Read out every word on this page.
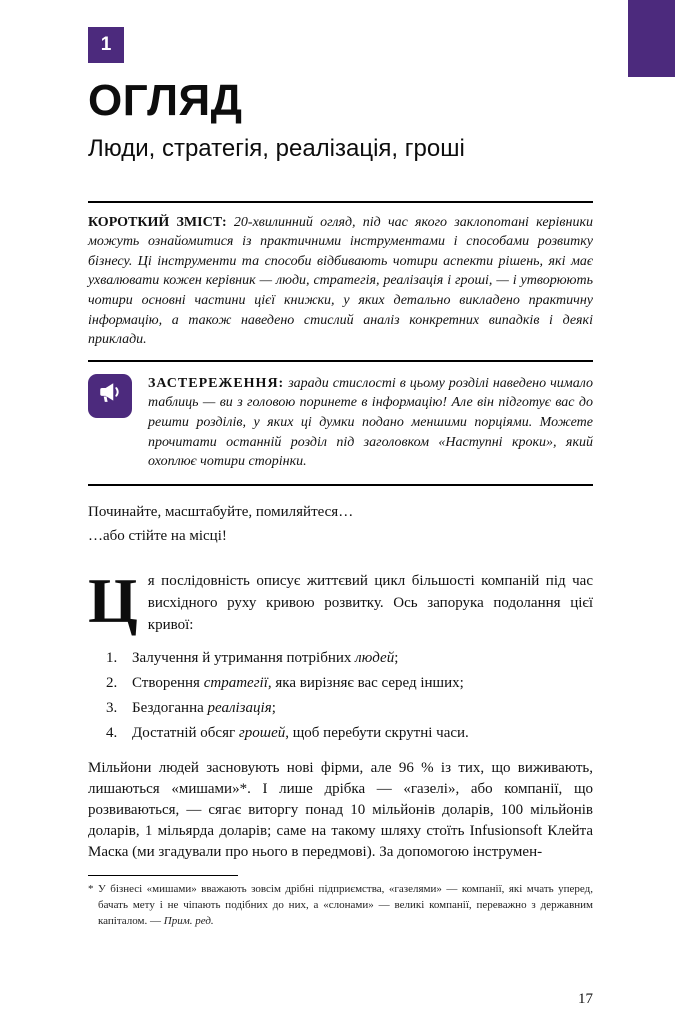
1
ОГЛЯД
Люди, стратегія, реалізація, гроші

КОРОТКИЙ ЗМІСТ: 20-хвилинний огляд, під час якого заклопотані керівники можуть ознайомитися із практичними інструментами і способами розвитку бізнесу. Ці інструменти та способи відбивають чотири аспекти рішень, які має ухвалювати кожен керівник — люди, стратегія, реалізація і гроші, — і утворюють чотири основні частини цієї книжки, у яких детально викладено практичну інформацію, а також наведено стислий аналіз конкретних випадків і деякі приклади.

ЗАСТЕРЕЖЕННЯ: заради стислості в цьому розділі наведено чимало таблиць — ви з головою поринете в інформацію! Але він підготує вас до решти розділів, у яких ці думки подано меншими порціями. Можете прочитати останній розділ під заголовком «Наступні кроки», який охоплює чотири сторінки.

Починайте, масштабуйте, помиляйтеся…
…або стійте на місці!
Ця послідовність описує життєвий цикл більшості компаній під час висхідного руху кривою розвитку. Ось запорука подолання цієї кривої:
1. Залучення й утримання потрібних людей;
2. Створення стратегії, яка вирізняє вас серед інших;
3. Бездоганна реалізація;
4. Достатній обсяг грошей, щоб перебути скрутні часи.

Мільйони людей засновують нові фірми, але 96 % із тих, що виживають, лишаються «мишами»*. І лише дрібка — «газелі», або компанії, що розвиваються, — сягає виторгу понад 10 мільйонів доларів, 100 мільйонів доларів, 1 мільярда доларів; саме на такому шляху стоїть Infusionsoft Клейта Маска (ми згадували про нього в передмові). За допомогою інструмен-

* У бізнесі «мишами» вважають зовсім дрібні підприємства, «газелями» — компанії, які мчать уперед, бачать мету і не чіпають подібних до них, а «слонами» — великі компанії, переважно з державним капіталом. — Прим. ред.

17
